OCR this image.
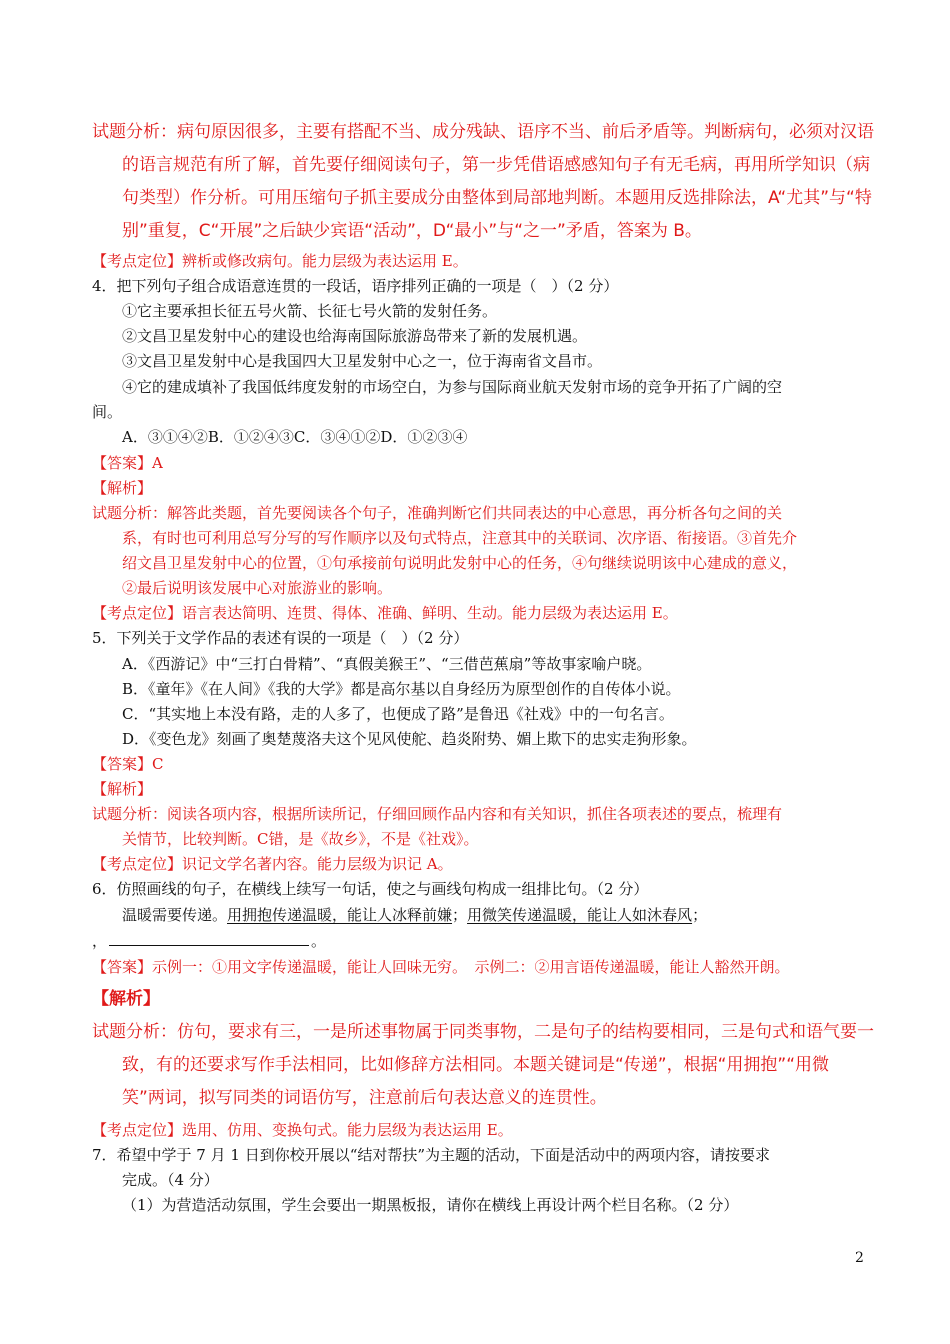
试题分析：病句原因很多，主要有搭配不当、成分残缺、语序不当、前后矛盾等。判断病句，必须对汉语
的语言规范有所了解，首先要仔细阅读句子，第一步凭借语感感知句子有无毛病，再用所学知识（病
句类型）作分析。可用压缩句子抓主要成分由整体到局部地判断。本题用反选排除法，A“尤其”与“特
别”重复，C“开展”之后缺少宾语“活动”，D“最小”与“之一”矛盾，答案为 B。
【考点定位】辨析或修改病句。能力层级为表达运用 E。
4．把下列句子组合成语意连贯的一段话，语序排列正确的一项是（　）（2 分）
①它主要承担长征五号火箭、长征七号火箭的发射任务。
②文昌卫星发射中心的建设也给海南国际旅游岛带来了新的发展机遇。
③文昌卫星发射中心是我国四大卫星发射中心之一，位于海南省文昌市。
④它的建成填补了我国低纬度发射的市场空白，为参与国际商业航天发射市场的竞争开拓了广阔的空
间。
A．③①④②B．①②④③C．③④①②D．①②③④
【答案】A
【解析】
试题分析：解答此类题，首先要阅读各个句子，准确判断它们共同表达的中心意思，再分析各句之间的关
系，有时也可利用总写分写的写作顺序以及句式特点，注意其中的关联词、次序语、衔接语。③首先介
绍文昌卫星发射中心的位置，①句承接前句说明此发射中心的任务，④句继续说明该中心建成的意义，
②最后说明该发展中心对旅游业的影响。
【考点定位】语言表达简明、连贯、得体、准确、鲜明、生动。能力层级为表达运用 E。
5．下列关于文学作品的表述有误的一项是（　）（2 分）
A．《西游记》中“三打白骨精”、“真假美猴王”、“三借芭蕉扇”等故事家喻户晓。
B．《童年》《在人间》《我的大学》都是高尔基以自身经历为原型创作的自传体小说。
C．“其实地上本没有路，走的人多了，也便成了路”是鲁迅《社戏》中的一句名言。
D．《变色龙》刻画了奥楚蔑洛夫这个见风使舵、趋炎附势、媚上欺下的忠实走狗形象。
【答案】C
【解析】
试题分析：阅读各项内容，根据所读所记，仔细回顾作品内容和有关知识，抓住各项表述的要点，梳理有
关情节，比较判断。C错，是《故乡》，不是《社戏》。
【考点定位】识记文学名著内容。能力层级为识记 A。
6．仿照画线的句子，在横线上续写一句话，使之与画线句构成一组排比句。（2 分）
温暖需要传递。用拥抱传递温暖，能让人冰释前嫌；用微笑传递温暖，能让人如沐春风；
，	。
【答案】示例一：①用文字传递温暖，能让人回味无穷。　示例二：②用言语传递温暖，能让人豁然开朗。
【解析】
试题分析：仿句，要求有三，一是所述事物属于同类事物，二是句子的结构要相同，三是句式和语气要一
致，有的还要求写作手法相同，比如修辞方法相同。本题关键词是“传递”，根据“用拥抱”“用微
笑”两词，拟写同类的词语仿写，注意前后句表达意义的连贯性。
【考点定位】选用、仿用、变换句式。能力层级为表达运用 E。
7．希望中学于 7 月 1 日到你校开展以“结对帮扶”为主题的活动，下面是活动中的两项内容，请按要求
完成。（4 分）
（1）为营造活动氛围，学生会要出一期黑板报，请你在横线上再设计两个栏目名称。（2 分）
2
